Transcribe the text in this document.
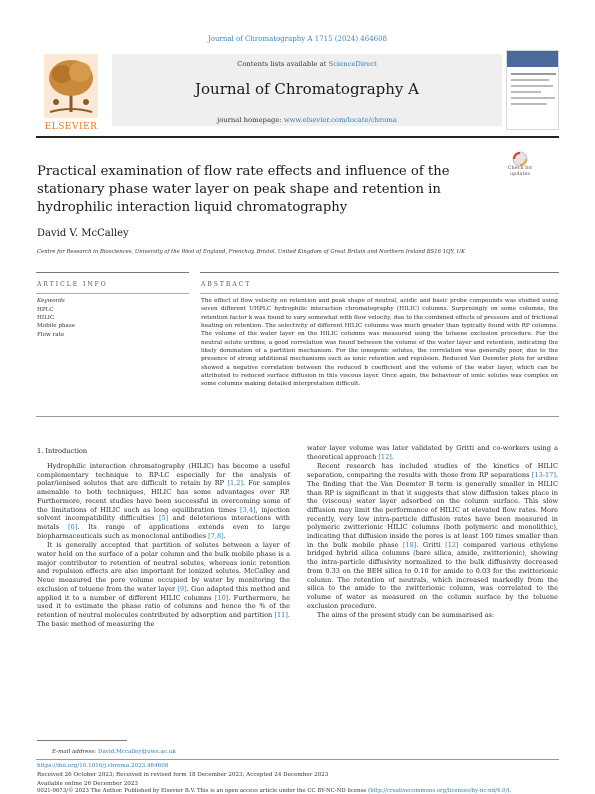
Journal of Chromatography A 1715 (2024) 464608
Contents lists available at ScienceDirect
Journal of Chromatography A
journal homepage: www.elsevier.com/locate/chroma
ELSEVIER
Practical examination of flow rate effects and influence of the stationary phase water layer on peak shape and retention in hydrophilic interaction liquid chromatography
Check for updates
David V. McCalley
Centre for Research in Biosciences, University of the West of England, Frenchay, Bristol, United Kingdom of Great Britain and Northern Ireland BS16 1QY, UK
ARTICLE INFO	ABSTRACT
Keywords
HPLC
HILIC
Mobile phase
Flow rate
The effect of flow velocity on retention and peak shape of neutral, acidic and basic probe compounds was studied using seven different UHPLC hydrophilic interaction chromatography (HILIC) columns. Surprisingly on some columns, the retention factor k was found to vary somewhat with flow velocity, due to the combined effects of pressure and of frictional heating on retention. The selectivity of different HILIC columns was much greater than typically found with RP columns. The volume of the water layer on the HILIC columns was measured using the toluene exclusion procedure. For the neutral solute uridine, a good correlation was found between the volume of the water layer and retention, indicating the likely domination of a partition mechanism. For the ionogenic solutes, the correlation was generally poor, due to the presence of strong additional mechanisms such as ionic retention and repulsion. Reduced Van Deemter plots for uridine showed a negative correlation between the reduced b coefficient and the volume of the water layer, which can be attributed to reduced surface diffusion in this viscous layer. Once again, the behaviour of ionic solutes was complex on some columns making detailed interpretation difficult.
1. Introduction

Hydrophilic interaction chromatography (HILIC) has become a useful complementary technique to RP-LC especially for the analysis of polar/ionised solutes that are difficult to retain by RP [1,2]. For samples amenable to both techniques, HILIC has some advantages over RP. Furthermore, recent studies have been successful in overcoming some of the limitations of HILIC such as long equilibration times [3,4], injection solvent incompatibility difficulties [5] and deleterious interactions with metals [6]. Its range of applications extends even to large biopharmaceuticals such as monoclonal antibodies [7,8].

It is generally accepted that partition of solutes between a layer of water held on the surface of a polar column and the bulk mobile phase is a major contributor to retention of neutral solutes, whereas ionic retention and repulsion effects are also important for ionized solutes. McCalley and Neue measured the pore volume occupied by water by monitoring the exclusion of toluene from the water layer [9]. Guo adapted this method and applied it to a number of different HILIC columns [10]. Furthermore, he used it to estimate the phase ratio of columns and hence the % of the retention of neutral molecules contributed by adsorption and partition [11]. The basic method of measuring the

water layer volume was later validated by Gritti and co-workers using a theoretical approach [12].

Recent research has included studies of the kinetics of HILIC separation, comparing the results with those from RP separations [13-17]. The finding that the Van Deemter B term is generally smaller in HILIC than RP is significant in that it suggests that slow diffusion takes place in the (viscous) water layer adsorbed on the column surface. This slow diffusion may limit the performance of HILIC at elevated flow rates. More recently, very low intra-particle diffusion rates have been measured in polymeric zwitterionic HILIC columns (both polymeric and monolithic), indicating that diffusion inside the pores is at least 100 times smaller than in the bulk mobile phase [18]. Gritti [12] compared various ethylene bridged hybrid silica columns (bare silica, amide, zwitterionic), showing the intra-particle diffusivity normalized to the bulk diffusivity decreased from 0.33 on the BEH silica to 0.10 for amide to 0.03 for the zwitterionic column. The retention of neutrals, which increased markedly from the silica to the amide to the zwitterionic column, was correlated to the volume of water as measured on the column surface by the toluene exclusion procedure.

The aims of the present study can be summarised as:

E-mail address: David.Mccalley@uwe.ac.uk
https://doi.org/10.1016/j.chroma.2023.464608
Received 26 October 2023; Received in revised form 18 December 2023; Accepted 24 December 2023
Available online 26 December 2023
0021-9673/© 2023 The Author. Published by Elsevier B.V. This is an open access article under the CC BY-NC-ND license (http://creativecommons.org/licenses/by-nc-nd/4.0/).
